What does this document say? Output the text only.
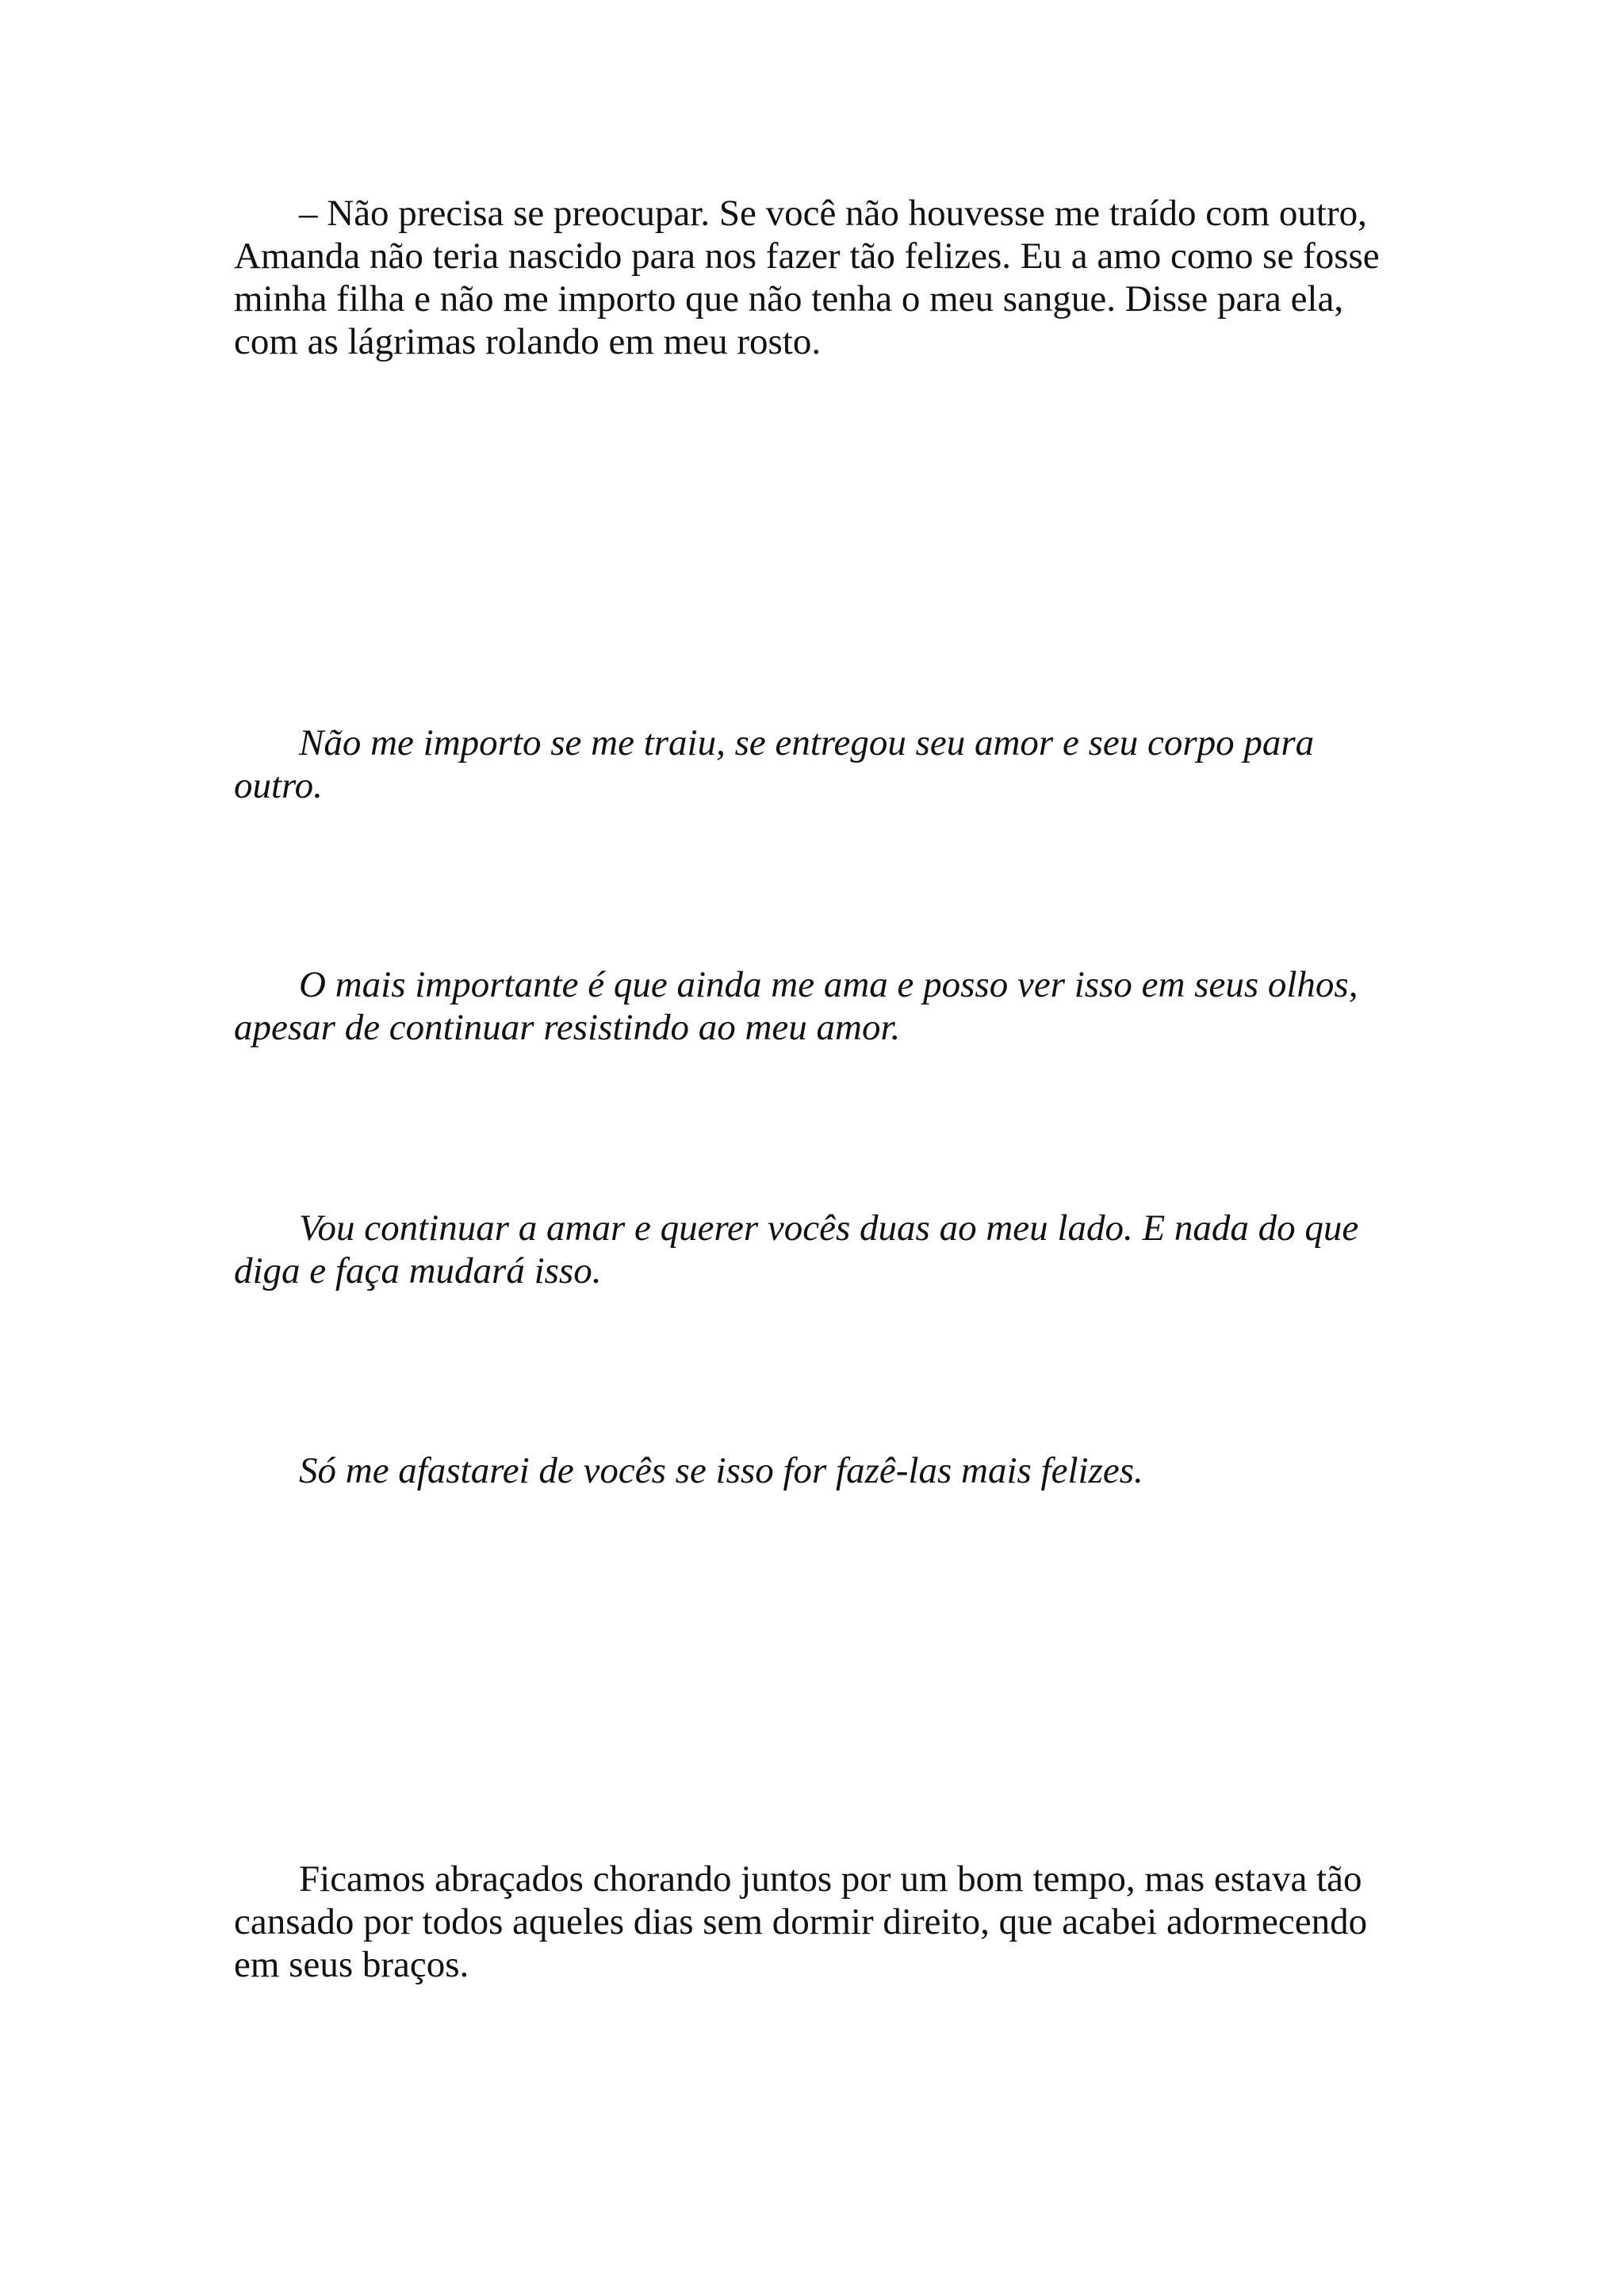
– Não precisa se preocupar. Se você não houvesse me traído com outro, Amanda não teria nascido para nos fazer tão felizes. Eu a amo como se fosse minha filha e não me importo que não tenha o meu sangue. Disse para ela, com as lágrimas rolando em meu rosto.

Não me importo se me traiu, se entregou seu amor e seu corpo para outro.

O mais importante é que ainda me ama e posso ver isso em seus olhos, apesar de continuar resistindo ao meu amor.

Vou continuar a amar e querer vocês duas ao meu lado. E nada do que diga e faça mudará isso.

Só me afastarei de vocês se isso for fazê-las mais felizes.

Ficamos abraçados chorando juntos por um bom tempo, mas estava tão cansado por todos aqueles dias sem dormir direito, que acabei adormecendo em seus braços.
